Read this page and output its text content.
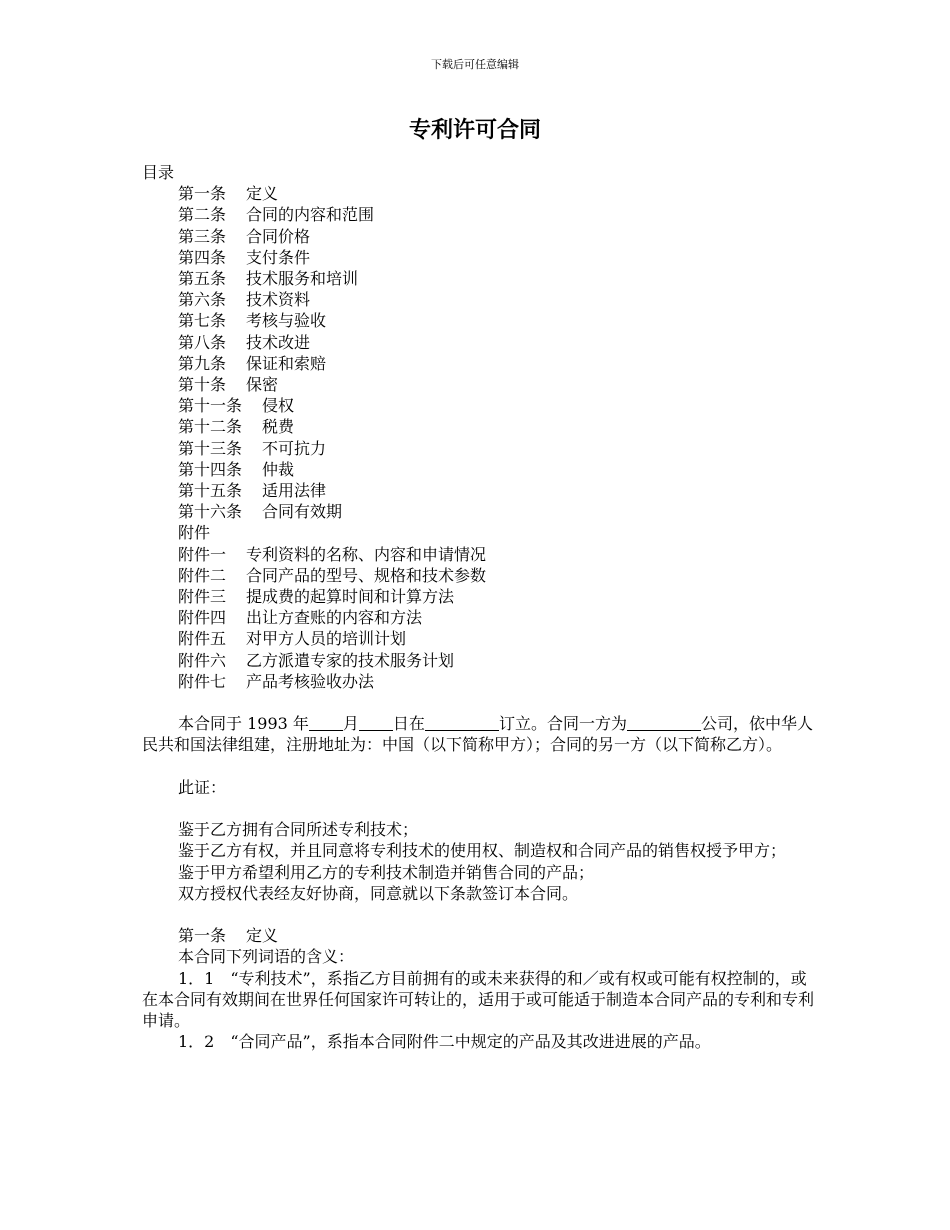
下载后可任意编辑
专利许可合同
目录
第一条 定义
第二条 合同的内容和范围
第三条 合同价格
第四条 支付条件
第五条 技术服务和培训
第六条 技术资料
第七条 考核与验收
第八条 技术改进
第九条 保证和索赔
第十条 保密
第十一条 侵权
第十二条 税费
第十三条 不可抗力
第十四条 仲裁
第十五条 适用法律
第十六条 合同有效期
附件
附件一 专利资料的名称、内容和申请情况
附件二 合同产品的型号、规格和技术参数
附件三 提成费的起算时间和计算方法
附件四 出让方查账的内容和方法
附件五 对甲方人员的培训计划
附件六 乙方派遣专家的技术服务计划
附件七 产品考核验收办法

本合同于 1993 年 月 日在	订立。合同一方为	公司，依中华人民共和国法律组建，注册地址为：中国（以下简称甲方）；合同的另一方（以下简称乙方）。

此证：

鉴于乙方拥有合同所述专利技术；

鉴于乙方有权，并且同意将专利技术的使用权、制造权和合同产品的销售权授予甲方；

鉴于甲方希望利用乙方的专利技术制造并销售合同的产品；

双方授权代表经友好协商，同意就以下条款签订本合同。

第一条 定义

本合同下列词语的含义：

1．1　“专利技术”，系指乙方目前拥有的或未来获得的和／或有权或可能有权控制的，或在本合同有效期间在世界任何国家许可转让的，适用于或可能适于制造本合同产品的专利和专利申请。

1．2　“合同产品”，系指本合同附件二中规定的产品及其改进进展的产品。
